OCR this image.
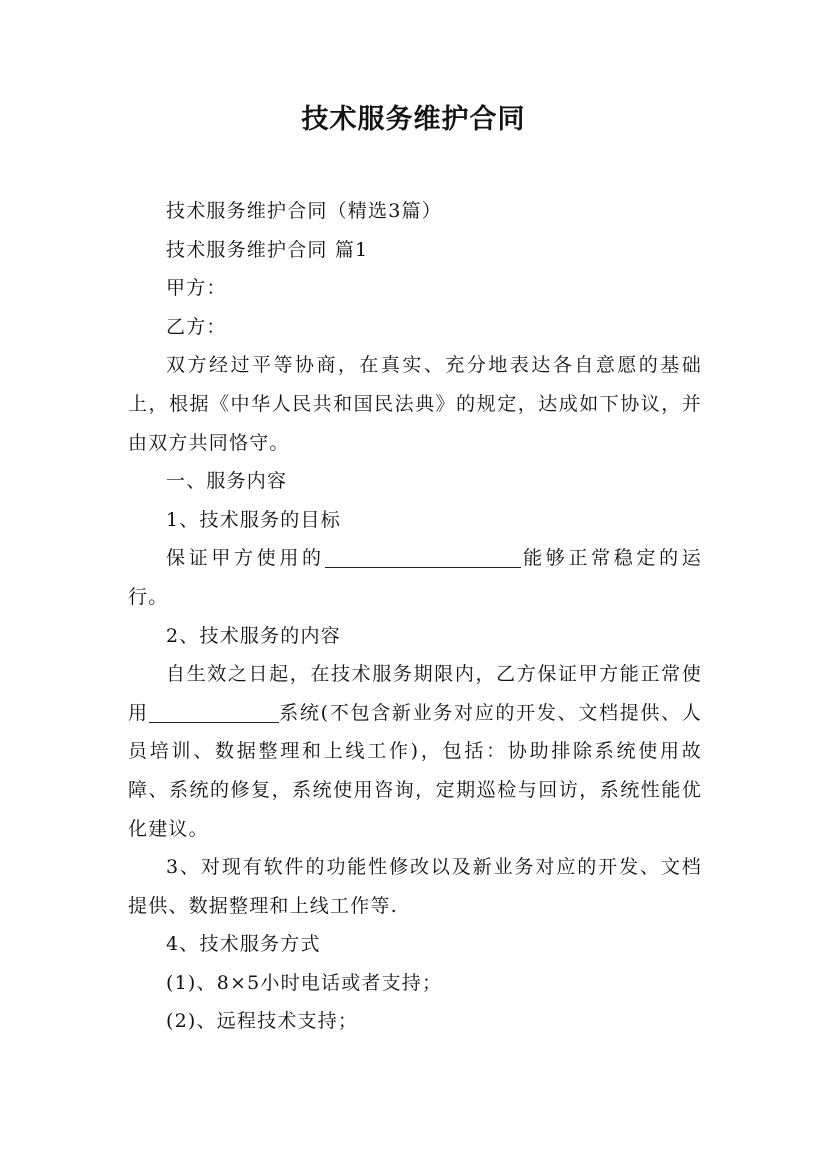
技术服务维护合同

技术服务维护合同（精选3篇）

技术服务维护合同 篇1

甲方：

乙方：

双方经过平等协商，在真实、充分地表达各自意愿的基础上，根据《中华人民共和国民法典》的规定，达成如下协议，并由双方共同恪守。

一、服务内容

1、技术服务的目标

保证甲方使用的	能够正常稳定的运行。

2、技术服务的内容

自生效之日起，在技术服务期限内，乙方保证甲方能正常使用	系统(不包含新业务对应的开发、文档提供、人员培训、数据整理和上线工作)，包括：协助排除系统使用故障、系统的修复，系统使用咨询，定期巡检与回访，系统性能优化建议。

3、对现有软件的功能性修改以及新业务对应的开发、文档提供、数据整理和上线工作等.

4、技术服务方式

(1)、8×5小时电话或者支持；

(2)、远程技术支持；
